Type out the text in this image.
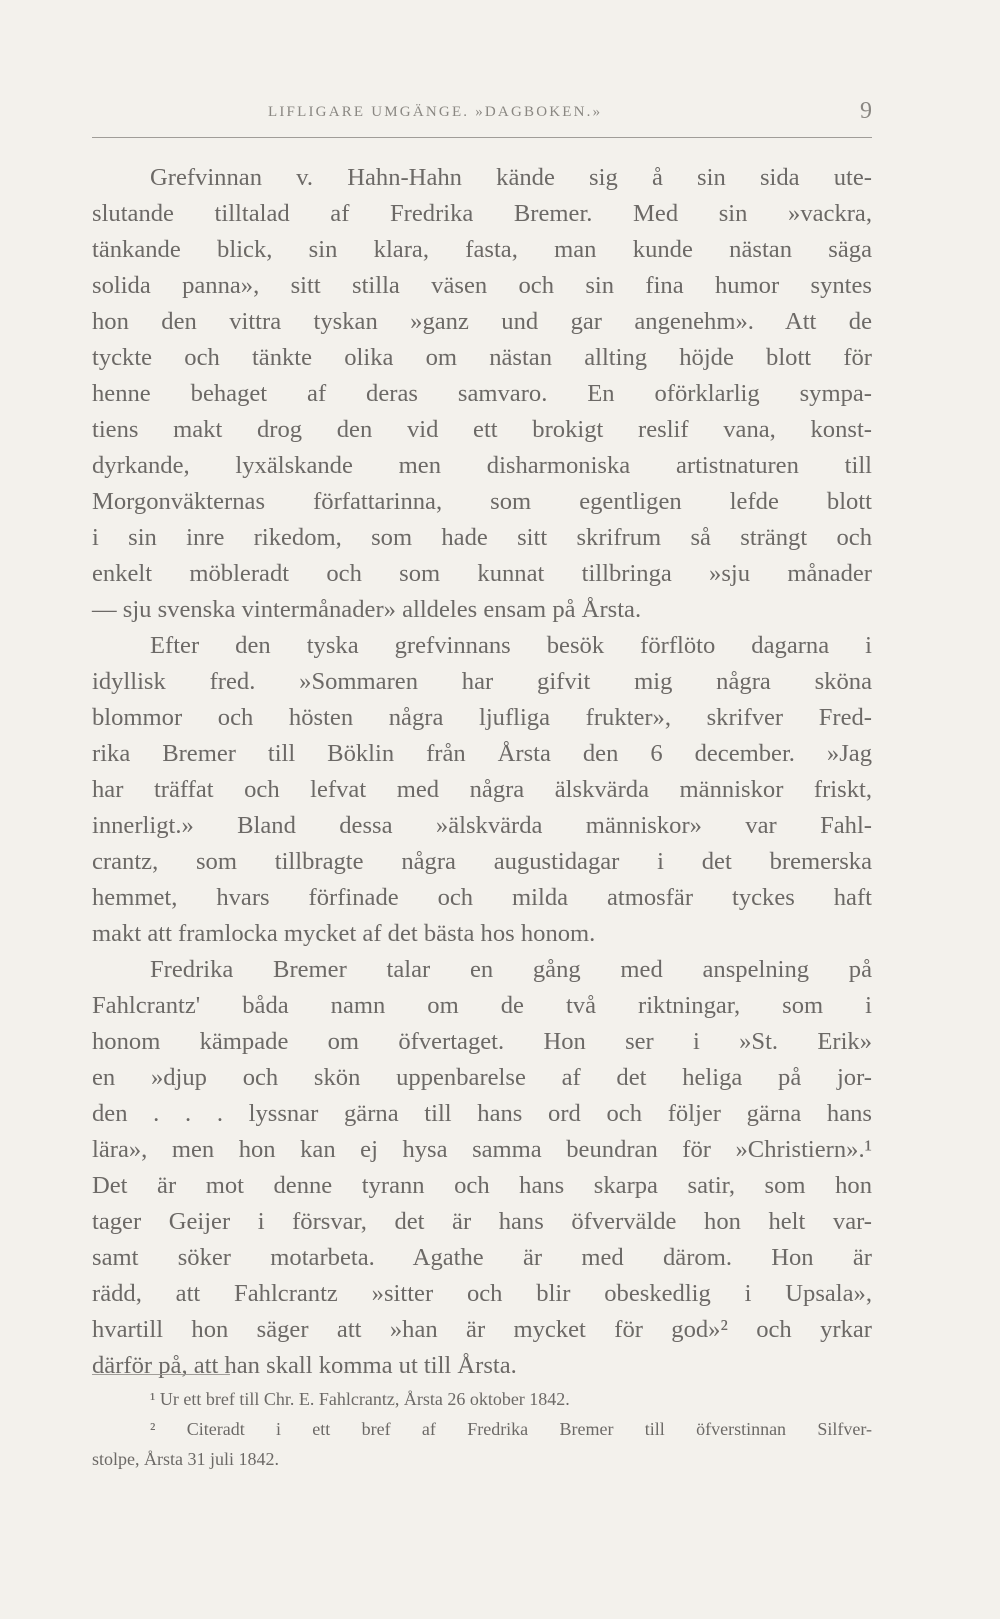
LIFLIGARE UMGÄNGE. »DAGBOKEN.»	9
Grefvinnan v. Hahn-Hahn kände sig å sin sida ute-
slutande tilltalad af Fredrika Bremer. Med sin »vackra,
tänkande blick, sin klara, fasta, man kunde nästan säga
solida panna», sitt stilla väsen och sin fina humor syntes
hon den vittra tyskan »ganz und gar angenehm». Att de
tyckte och tänkte olika om nästan allting höjde blott för
henne behaget af deras samvaro. En oförklarlig sympa-
tiens makt drog den vid ett brokigt reslif vana, konst-
dyrkande, lyxälskande men disharmoniska artistnaturen till
Morgonväkternas författarinna, som egentligen lefde blott
i sin inre rikedom, som hade sitt skrifrum så strängt och
enkelt möbleradt och som kunnat tillbringa »sju månader
— sju svenska vintermånader» alldeles ensam på Årsta.
Efter den tyska grefvinnans besök förflöto dagarna i
idyllisk fred. »Sommaren har gifvit mig några sköna
blommor och hösten några ljufliga frukter», skrifver Fred-
rika Bremer till Böklin från Årsta den 6 december. »Jag
har träffat och lefvat med några älskvärda människor friskt,
innerligt.» Bland dessa »älskvärda människor» var Fahl-
crantz, som tillbragte några augustidagar i det bremerska
hemmet, hvars förfinade och milda atmosfär tyckes haft
makt att framlocka mycket af det bästa hos honom.
Fredrika Bremer talar en gång med anspelning på
Fahlcrantz' båda namn om de två riktningar, som i
honom kämpade om öfvertaget. Hon ser i »St. Erik»
en »djup och skön uppenbarelse af det heliga på jor-
den . . . lyssnar gärna till hans ord och följer gärna hans
lära», men hon kan ej hysa samma beundran för »Christiern».¹
Det är mot denne tyrann och hans skarpa satir, som hon
tager Geijer i försvar, det är hans öfvervälde hon helt var-
samt söker motarbeta. Agathe är med därom. Hon är
rädd, att Fahlcrantz »sitter och blir obeskedlig i Upsala»,
hvartill hon säger att »han är mycket för god»² och yrkar
därför på, att han skall komma ut till Årsta.
¹ Ur ett bref till Chr. E. Fahlcrantz, Årsta 26 oktober 1842.
² Citeradt i ett bref af Fredrika Bremer till öfverstinnan Silfver-
stolpe, Årsta 31 juli 1842.
